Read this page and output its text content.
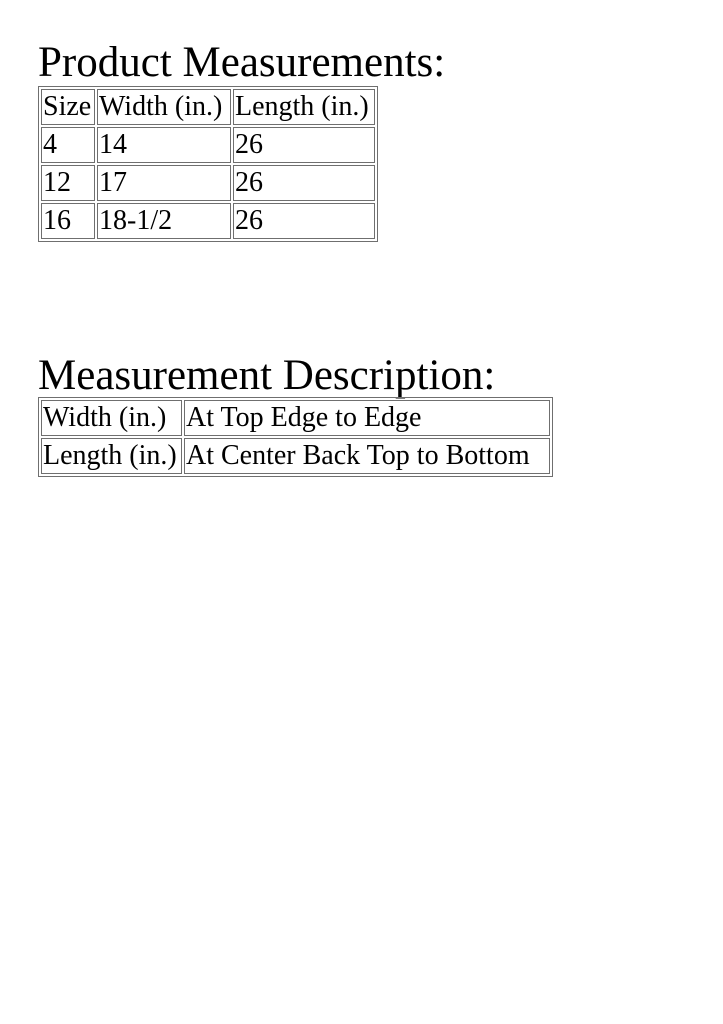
Product Measurements:
Size	Width (in.)	Length (in.)
4	14	26
12	17	26
16	18-1/2	26
Measurement Description:
Width (in.)	At Top Edge to Edge
Length (in.)	At Center Back Top to Bottom
